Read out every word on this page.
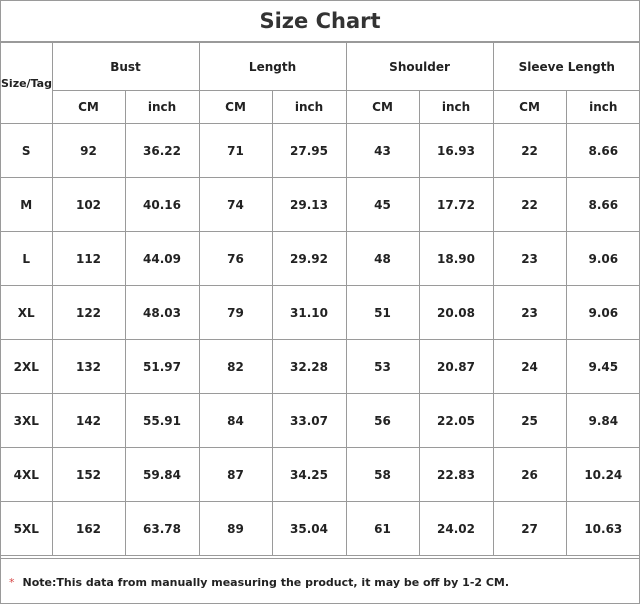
Size Chart
Size/Tag	Bust		Length		Shoulder		Sleeve Length	
	CM	inch	CM	inch	CM	inch	CM	inch
S	92	36.22	71	27.95	43	16.93	22	8.66
M	102	40.16	74	29.13	45	17.72	22	8.66
L	112	44.09	76	29.92	48	18.90	23	9.06
XL	122	48.03	79	31.10	51	20.08	23	9.06
2XL	132	51.97	82	32.28	53	20.87	24	9.45
3XL	142	55.91	84	33.07	56	22.05	25	9.84
4XL	152	59.84	87	34.25	58	22.83	26	10.24
5XL	162	63.78	89	35.04	61	24.02	27	10.63
* Note:This data from manually measuring the product, it may be off by 1-2 CM.
